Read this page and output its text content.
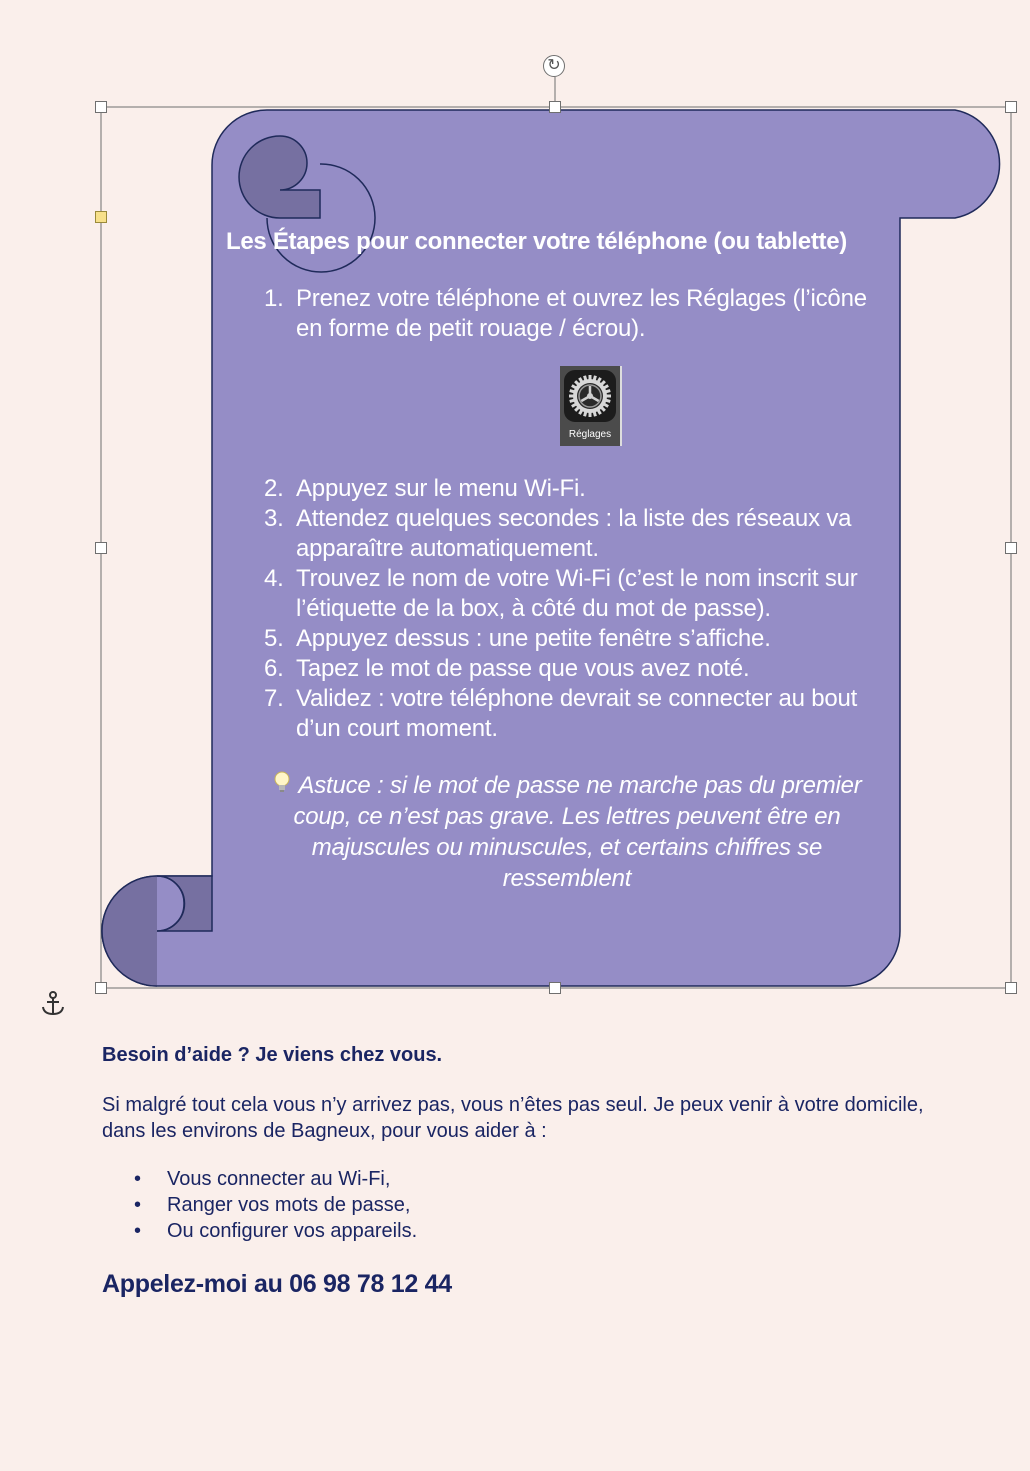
↻

Les Étapes pour connecter votre téléphone (ou tablette)

1. Prenez votre téléphone et ouvrez les Réglages (l’icône en forme de petit rouage / écrou).
Réglages
2. Appuyez sur le menu Wi-Fi.
3. Attendez quelques secondes : la liste des réseaux va apparaître automatiquement.
4. Trouvez le nom de votre Wi-Fi (c’est le nom inscrit sur l’étiquette de la box, à côté du mot de passe).
5. Appuyez dessus : une petite fenêtre s’affiche.
6. Tapez le mot de passe que vous avez noté.
7. Validez : votre téléphone devrait se connecter au bout d’un court moment.

Astuce : si le mot de passe ne marche pas du premier coup, ce n’est pas grave. Les lettres peuvent être en majuscules ou minuscules, et certains chiffres se ressemblent

Besoin d’aide ? Je viens chez vous.

Si malgré tout cela vous n’y arrivez pas, vous n’êtes pas seul. Je peux venir à votre domicile, dans les environs de Bagneux, pour vous aider à :

• Vous connecter au Wi-Fi,
• Ranger vos mots de passe,
• Ou configurer vos appareils.

Appelez-moi au 06 98 78 12 44
